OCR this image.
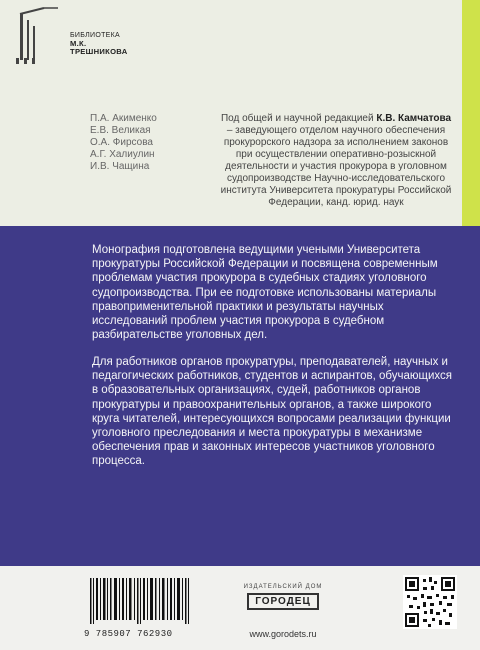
БИБЛИОТЕКА
М.К. ТРЕШНИКОВА
П.А. Акименко
Е.В. Великая
О.А. Фирсова
А.Г. Халиулин
И.В. Чащина
Под общей и научной редакцией К.В. Камчатова – заведующего отделом научного обеспечения прокурорского надзора за исполнением законов при осуществлении оперативно-розыскной деятельности и участия прокурора в уголовном судопроизводстве Научно-исследовательского института Университета прокуратуры Российской Федерации, канд. юрид. наук

Монография подготовлена ведущими учеными Университета прокуратуры Российской Федерации и посвящена современным проблемам участия прокурора в судебных стадиях уголовного судопроизводства. При ее подготовке использованы материалы правоприменительной практики и результаты научных исследований проблем участия прокурора в судебном разбирательстве уголовных дел.

Для работников органов прокуратуры, преподавателей, научных и педагогических работников, студентов и аспирантов, обучающихся в образовательных организациях, судей, работников органов прокуратуры и правоохранительных органов, а также широкого круга читателей, интересующихся вопросами реализации функции уголовного преследования и места прокуратуры в механизме обеспечения прав и законных интересов участников уголовного процесса.

9 785907 762930
ИЗДАТЕЛЬСКИЙ ДОМ
ГОРОДЕЦ
www.gorodets.ru
